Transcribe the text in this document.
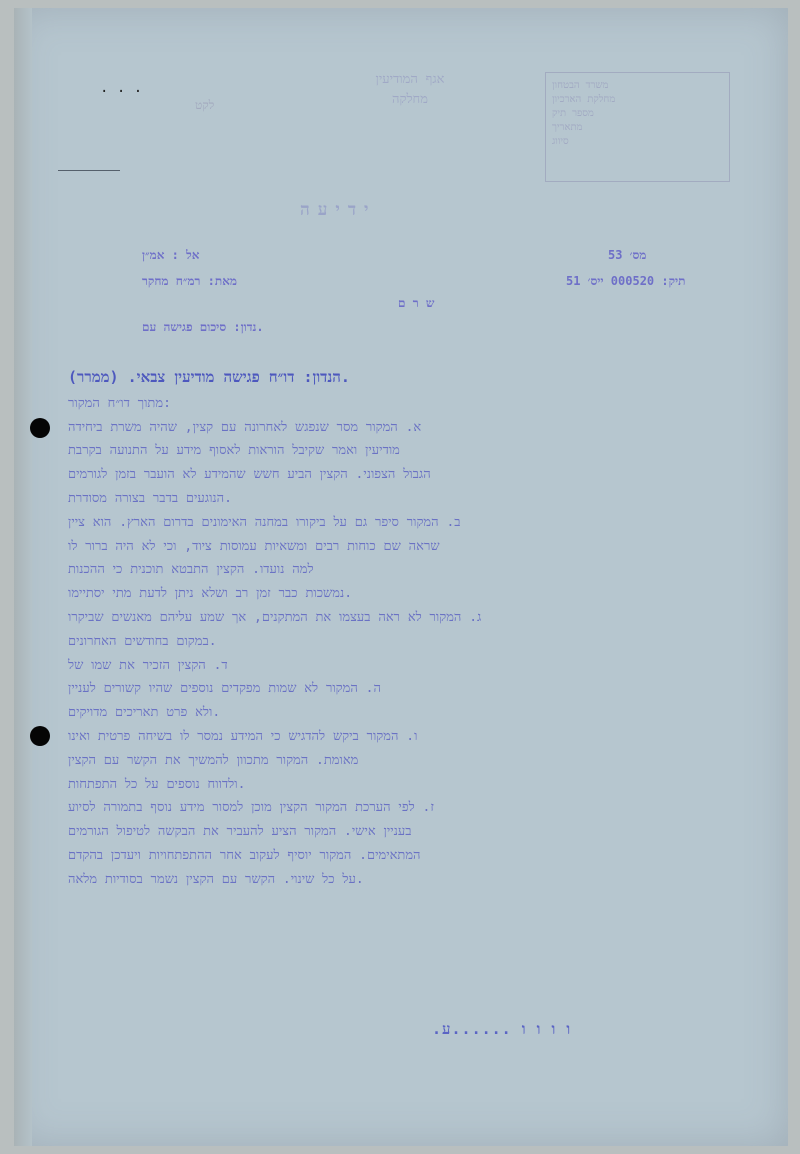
· · ·
לקט
אגף המודיעין
מחלקה
משרד הבטחון
מחלקת הארכיון
מספר תיק
מתאריך
סיווג
ידיעה
אל : אמ״ן
מאת: רמ״ח מחקר
מס׳ 53
תיק: 000520 ייס׳ 51
ש ר ם
נדון: סיכום פגישה עם.

הנדון: דו״ח פגישה מודיעין צבאי. (ממרר).

מתוך דו״ח המקור:

א. המקור מסר שנפגש לאחרונה עם קצין, שהיה משרת ביחידה

מודיעין ואמר שקיבל הוראות לאסוף מידע על התנועה בקרבת

הגבול הצפוני. הקצין הביע חשש שהמידע לא הועבר בזמן לגורמים

הנוגעים בדבר בצורה מסודרת.

ב. המקור סיפר גם על ביקורו במחנה האימונים בדרום הארץ. הוא ציין

שראה שם כוחות רבים ומשאיות עמוסות ציוד, וכי לא היה ברור לו

למה נועדו. הקצין התבטא תוכנית כי ההכנות

נמשכות כבר זמן רב ושלא ניתן לדעת מתי יסתיימו.

ג. המקור לא ראה בעצמו את המתקנים, אך שמע עליהם מאנשים שביקרו

במקום בחודשים האחרונים.

ד. הקצין הזכיר את שמו של

ה. המקור לא שמות מפקדים נוספים שהיו קשורים לעניין

ולא פרט תאריכים מדויקים.

ו. המקור ביקש להדגיש כי המידע נמסר לו בשיחה פרטית ואינו

מאומת. המקור מתכוון להמשיך את הקשר עם הקצין

ולדווח נוספים על כל התפתחות.

ז. לפי הערכת המקור הקצין מוכן למסור מידע נוסף בתמורה לסיוע

בעניין אישי. המקור הציע להעביר את הבקשה לטיפול הגורמים

המתאימים. המקור יוסיף לעקוב אחר ההתפתחויות ויעדכן בהקדם

על כל שינוי. הקשר עם הקצין נשמר בסודיות מלאה.

.ו ו ו ו ......ע
